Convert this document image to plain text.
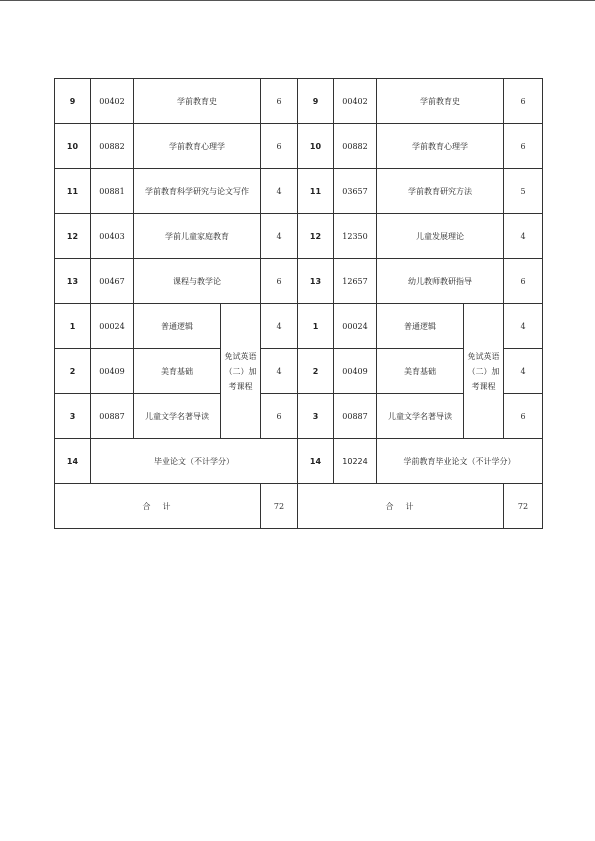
9	00402	学前教育史		6	9	00402	学前教育史		6
10	00882	学前教育心理学		6	10	00882	学前教育心理学		6
11	00881	学前教育科学研究与论文写作		4	11	03657	学前教育研究方法		5
12	00403	学前儿童家庭教育		4	12	12350	儿童发展理论		4
13	00467	课程与教学论		6	13	12657	幼儿教师教研指导		6
1	00024	普通逻辑	免试英语（二）加考课程	4	1	00024	普通逻辑	免试英语（二）加考课程	4
2	00409	美育基础		4	2	00409	美育基础		4
3	00887	儿童文学名著导读		6	3	00887	儿童文学名著导读		6
14	毕业论文（不计学分）				14	10224	学前教育毕业论文（不计学分）		
合　计				72	合　计				72
